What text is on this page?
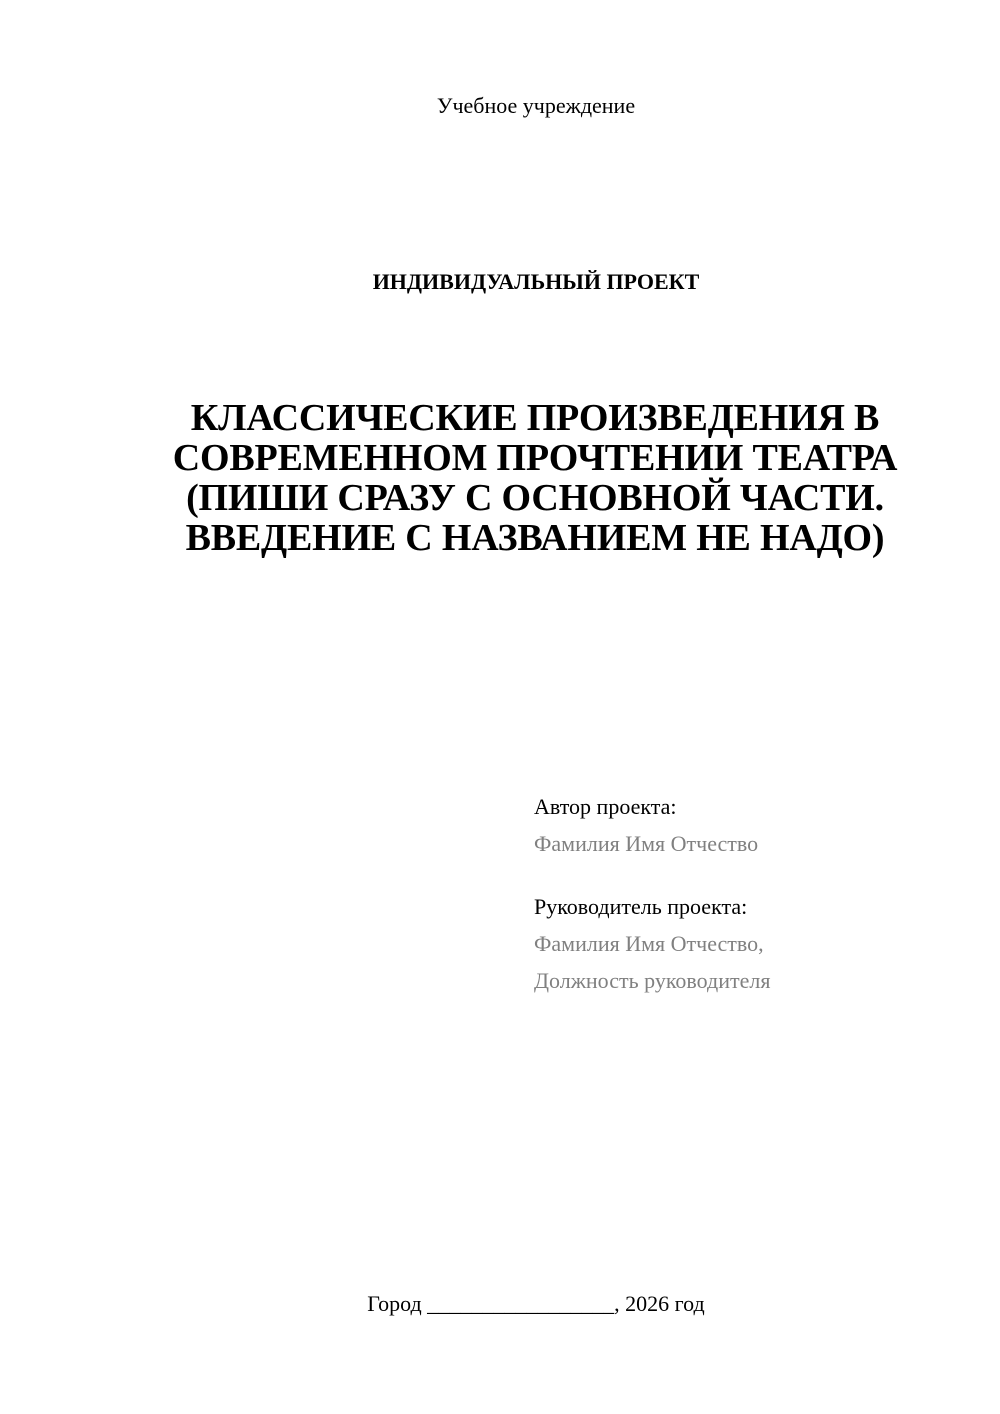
Учебное учреждение
ИНДИВИДУАЛЬНЫЙ ПРОЕКТ
КЛАССИЧЕСКИЕ ПРОИЗВЕДЕНИЯ В
СОВРЕМЕННОМ ПРОЧТЕНИИ ТЕАТРА
(ПИШИ СРАЗУ С ОСНОВНОЙ ЧАСТИ.
ВВЕДЕНИЕ С НАЗВАНИЕМ НЕ НАДО)
Автор проекта:
Фамилия Имя Отчество
Руководитель проекта:
Фамилия Имя Отчество,
Должность руководителя
Город _________________, 2026 год
